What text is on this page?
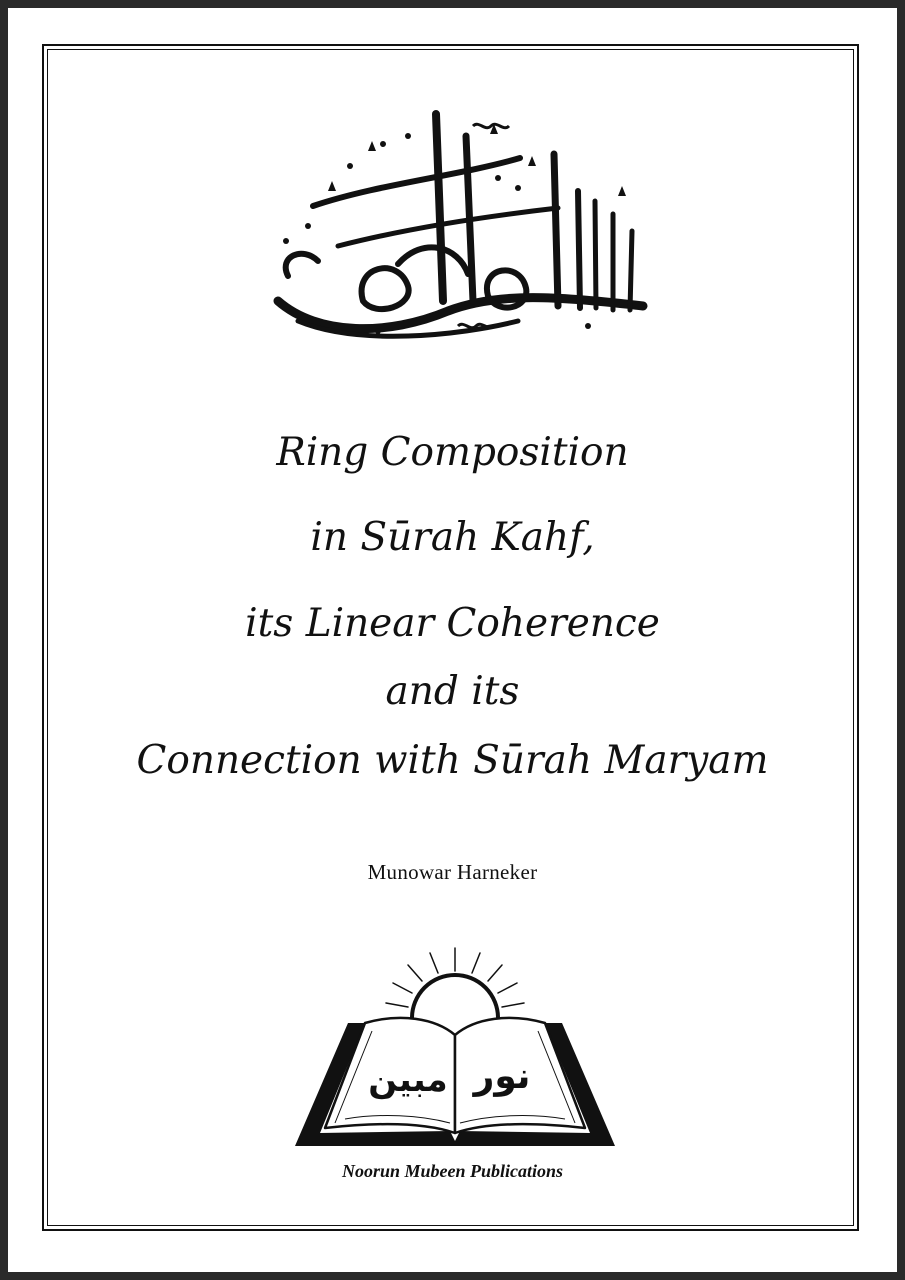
Ring Composition

in Sūrah Kahf,

its Linear Coherence

and its

Connection with Sūrah Maryam

Munowar Harneker
مبين نور
Noorun Mubeen Publications
